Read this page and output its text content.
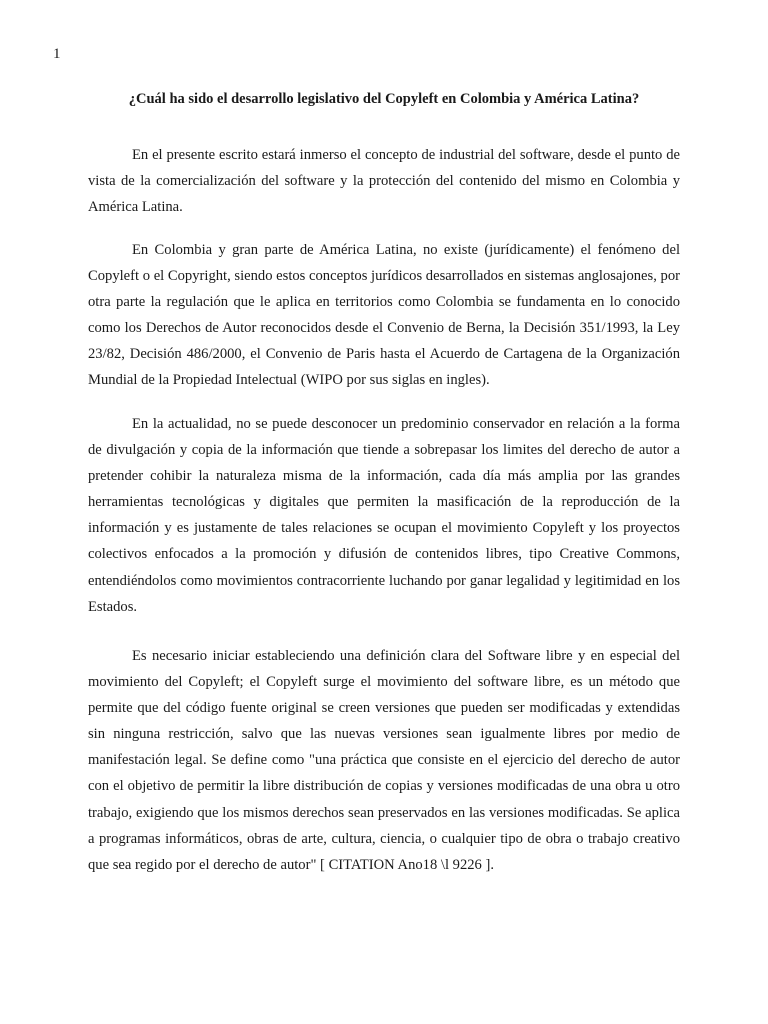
1
¿Cuál ha sido el desarrollo legislativo del Copyleft en Colombia y América Latina?

En el presente escrito estará inmerso el concepto de industrial del software, desde el punto de vista de la comercialización del software y la protección del contenido del mismo en Colombia y América Latina.

En Colombia y gran parte de América Latina, no existe (jurídicamente) el fenómeno del Copyleft o el Copyright, siendo estos conceptos jurídicos desarrollados en sistemas anglosajones, por otra parte la regulación que le aplica en territorios como Colombia se fundamenta en lo conocido como los Derechos de Autor reconocidos desde el Convenio de Berna, la Decisión 351/1993, la Ley 23/82, Decisión 486/2000, el Convenio de Paris hasta el Acuerdo de Cartagena de la Organización Mundial de la Propiedad Intelectual (WIPO por sus siglas en ingles).

En la actualidad, no se puede desconocer un predominio conservador en relación a la forma de divulgación y copia de la información que tiende a sobrepasar los limites del derecho de autor a pretender cohibir la naturaleza misma de la información, cada día más amplia por las grandes herramientas tecnológicas y digitales que permiten la masificación de la reproducción de la información y es justamente de tales relaciones se ocupan el movimiento Copyleft y los proyectos colectivos enfocados a la promoción y difusión de contenidos libres, tipo Creative Commons, entendiéndolos como movimientos contracorriente luchando por ganar legalidad y legitimidad en los Estados.

Es necesario iniciar estableciendo una definición clara del Software libre y en especial del movimiento del Copyleft; el Copyleft surge el movimiento del software libre, es un método que permite que del código fuente original se creen versiones que pueden ser modificadas y extendidas sin ninguna restricción, salvo que las nuevas versiones sean igualmente libres por medio de manifestación legal. Se define como "una práctica que consiste en el ejercicio del derecho de autor con el objetivo de permitir la libre distribución de copias y versiones modificadas de una obra u otro trabajo, exigiendo que los mismos derechos sean preservados en las versiones modificadas. Se aplica a programas informáticos, obras de arte, cultura, ciencia, o cualquier tipo de obra o trabajo creativo que sea regido por el derecho de autor" [ CITATION Ano18 \l 9226 ].
